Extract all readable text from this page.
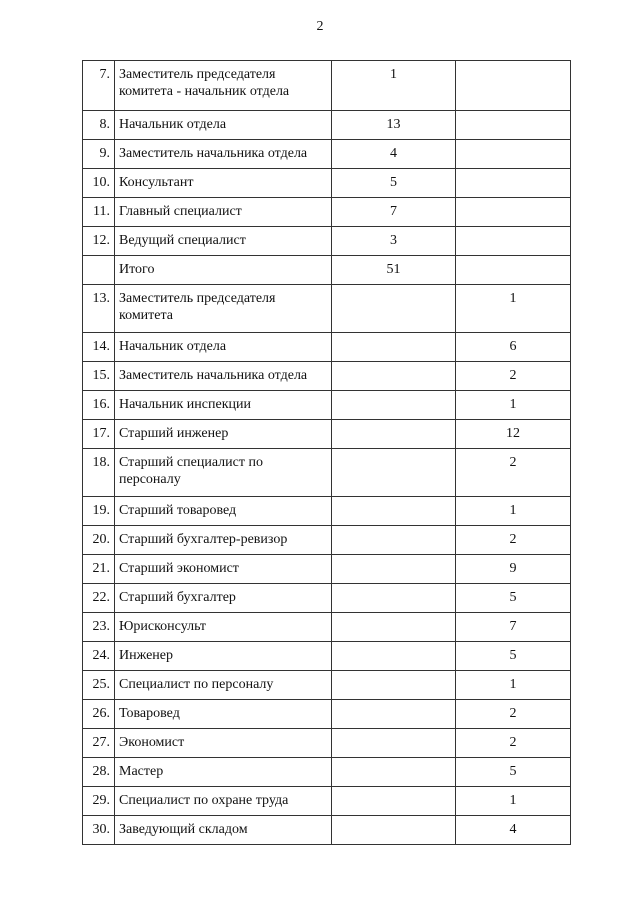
2
7.	Заместитель председателя комитета - начальник отдела	1	
8.	Начальник отдела	13	
9.	Заместитель начальника отдела	4	
10.	Консультант	5	
11.	Главный специалист	7	
12.	Ведущий специалист	3	
	Итого	51	
13.	Заместитель председателя комитета		1
14.	Начальник отдела		6
15.	Заместитель начальника отдела		2
16.	Начальник инспекции		1
17.	Старший инженер		12
18.	Старший специалист по персоналу		2
19.	Старший товаровед		1
20.	Старший бухгалтер-ревизор		2
21.	Старший экономист		9
22.	Старший бухгалтер		5
23.	Юрисконсульт		7
24.	Инженер		5
25.	Специалист по персоналу		1
26.	Товаровед		2
27.	Экономист		2
28.	Мастер		5
29.	Специалист по охране труда		1
30.	Заведующий складом		4
